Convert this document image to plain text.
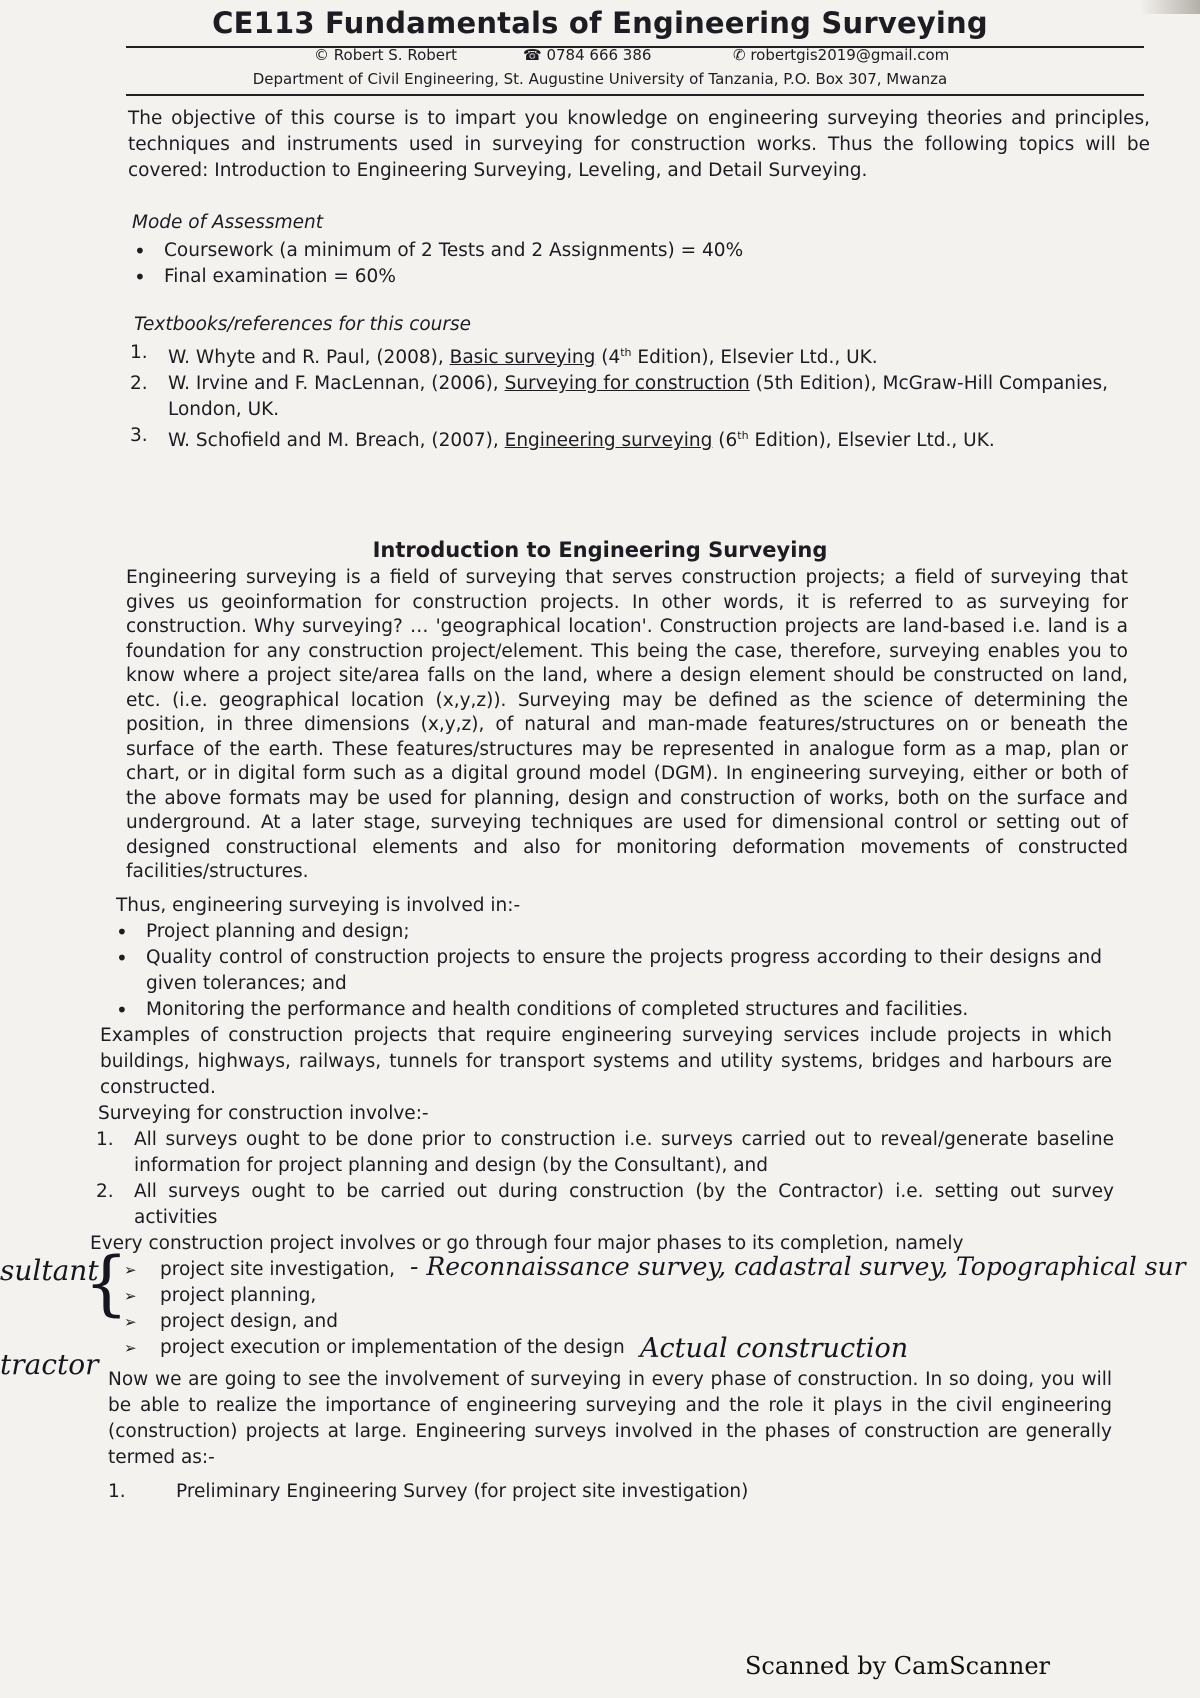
CE113 Fundamentals of Engineering Surveying
© Robert S. Robert	☎ 0784 666 386	✆ robertgis2019@gmail.com
Department of Civil Engineering, St. Augustine University of Tanzania, P.O. Box 307, Mwanza
The objective of this course is to impart you knowledge on engineering surveying theories and principles, techniques and instruments used in surveying for construction works. Thus the following topics will be covered: Introduction to Engineering Surveying, Leveling, and Detail Surveying.
Mode of Assessment
• Coursework (a minimum of 2 Tests and 2 Assignments) = 40%
• Final examination = 60%
Textbooks/references for this course
1. W. Whyte and R. Paul, (2008), Basic surveying (4th Edition), Elsevier Ltd., UK.
2. W. Irvine and F. MacLennan, (2006), Surveying for construction (5th Edition), McGraw-Hill Companies, London, UK.
3. W. Schofield and M. Breach, (2007), Engineering surveying (6th Edition), Elsevier Ltd., UK.
Introduction to Engineering Surveying
Engineering surveying is a field of surveying that serves construction projects; a field of surveying that gives us geoinformation for construction projects. In other words, it is referred to as surveying for construction. Why surveying? … 'geographical location'. Construction projects are land-based i.e. land is a foundation for any construction project/element. This being the case, therefore, surveying enables you to know where a project site/area falls on the land, where a design element should be constructed on land, etc. (i.e. geographical location (x,y,z)). Surveying may be defined as the science of determining the position, in three dimensions (x,y,z), of natural and man-made features/structures on or beneath the surface of the earth. These features/structures may be represented in analogue form as a map, plan or chart, or in digital form such as a digital ground model (DGM). In engineering surveying, either or both of the above formats may be used for planning, design and construction of works, both on the surface and underground. At a later stage, surveying techniques are used for dimensional control or setting out of designed constructional elements and also for monitoring deformation movements of constructed facilities/structures.
Thus, engineering surveying is involved in:-
• Project planning and design;
• Quality control of construction projects to ensure the projects progress according to their designs and given tolerances; and
• Monitoring the performance and health conditions of completed structures and facilities.
Examples of construction projects that require engineering surveying services include projects in which buildings, highways, railways, tunnels for transport systems and utility systems, bridges and harbours are constructed.
Surveying for construction involve:-
1. All surveys ought to be done prior to construction i.e. surveys carried out to reveal/generate baseline information for project planning and design (by the Consultant), and
2. All surveys ought to be carried out during construction (by the Contractor) i.e. setting out survey activities
Every construction project involves or go through four major phases to its completion, namely
➢ project site investigation,
➢ project planning,
➢ project design, and
➢ project execution or implementation of the design
sultant
{
tractor
- Reconnaissance survey, cadastral survey, Topographical sur
Actual construction
Now we are going to see the involvement of surveying in every phase of construction. In so doing, you will be able to realize the importance of engineering surveying and the role it plays in the civil engineering (construction) projects at large. Engineering surveys involved in the phases of construction are generally termed as:-
1.	Preliminary Engineering Survey (for project site investigation)
Scanned by CamScanner
